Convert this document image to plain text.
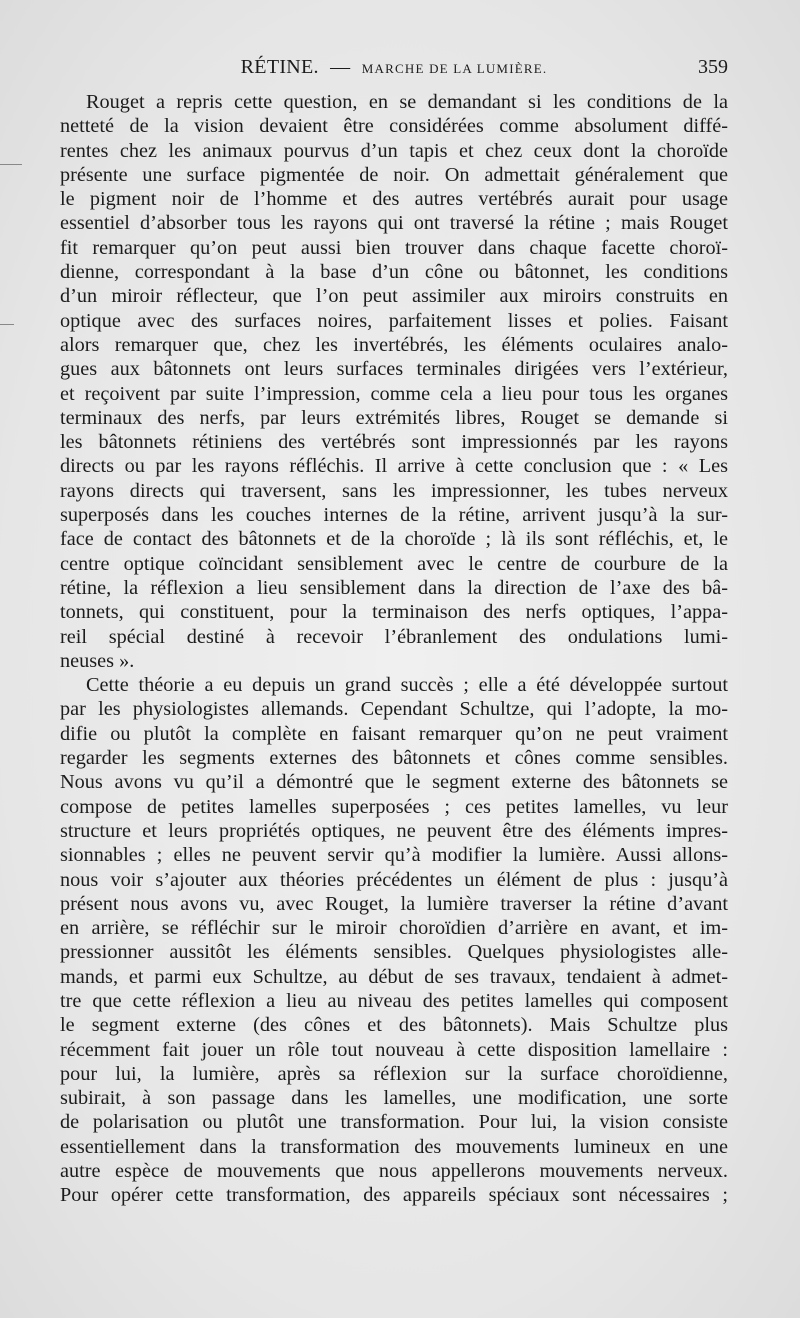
RÉTINE. — MARCHE DE LA LUMIÈRE.	359
Rouget a repris cette question, en se demandant si les conditions de la
netteté de la vision devaient être considérées comme absolument diffé-
rentes chez les animaux pourvus d’un tapis et chez ceux dont la choroïde
présente une surface pigmentée de noir. On admettait généralement que
le pigment noir de l’homme et des autres vertébrés aurait pour usage
essentiel d’absorber tous les rayons qui ont traversé la rétine ; mais Rouget
fit remarquer qu’on peut aussi bien trouver dans chaque facette choroï-
dienne, correspondant à la base d’un cône ou bâtonnet, les conditions
d’un miroir réflecteur, que l’on peut assimiler aux miroirs construits en
optique avec des surfaces noires, parfaitement lisses et polies. Faisant
alors remarquer que, chez les invertébrés, les éléments oculaires analo-
gues aux bâtonnets ont leurs surfaces terminales dirigées vers l’extérieur,
et reçoivent par suite l’impression, comme cela a lieu pour tous les organes
terminaux des nerfs, par leurs extrémités libres, Rouget se demande si
les bâtonnets rétiniens des vertébrés sont impressionnés par les rayons
directs ou par les rayons réfléchis. Il arrive à cette conclusion que : « Les
rayons directs qui traversent, sans les impressionner, les tubes nerveux
superposés dans les couches internes de la rétine, arrivent jusqu’à la sur-
face de contact des bâtonnets et de la choroïde ; là ils sont réfléchis, et, le
centre optique coïncidant sensiblement avec le centre de courbure de la
rétine, la réflexion a lieu sensiblement dans la direction de l’axe des bâ-
tonnets, qui constituent, pour la terminaison des nerfs optiques, l’appa-
reil spécial destiné à recevoir l’ébranlement des ondulations lumi-
neuses ».
Cette théorie a eu depuis un grand succès ; elle a été développée surtout
par les physiologistes allemands. Cependant Schultze, qui l’adopte, la mo-
difie ou plutôt la complète en faisant remarquer qu’on ne peut vraiment
regarder les segments externes des bâtonnets et cônes comme sensibles.
Nous avons vu qu’il a démontré que le segment externe des bâtonnets se
compose de petites lamelles superposées ; ces petites lamelles, vu leur
structure et leurs propriétés optiques, ne peuvent être des éléments impres-
sionnables ; elles ne peuvent servir qu’à modifier la lumière. Aussi allons-
nous voir s’ajouter aux théories précédentes un élément de plus : jusqu’à
présent nous avons vu, avec Rouget, la lumière traverser la rétine d’avant
en arrière, se réfléchir sur le miroir choroïdien d’arrière en avant, et im-
pressionner aussitôt les éléments sensibles. Quelques physiologistes alle-
mands, et parmi eux Schultze, au début de ses travaux, tendaient à admet-
tre que cette réflexion a lieu au niveau des petites lamelles qui composent
le segment externe (des cônes et des bâtonnets). Mais Schultze plus
récemment fait jouer un rôle tout nouveau à cette disposition lamellaire :
pour lui, la lumière, après sa réflexion sur la surface choroïdienne,
subirait, à son passage dans les lamelles, une modification, une sorte
de polarisation ou plutôt une transformation. Pour lui, la vision consiste
essentiellement dans la transformation des mouvements lumineux en une
autre espèce de mouvements que nous appellerons mouvements nerveux.
Pour opérer cette transformation, des appareils spéciaux sont nécessaires ;
